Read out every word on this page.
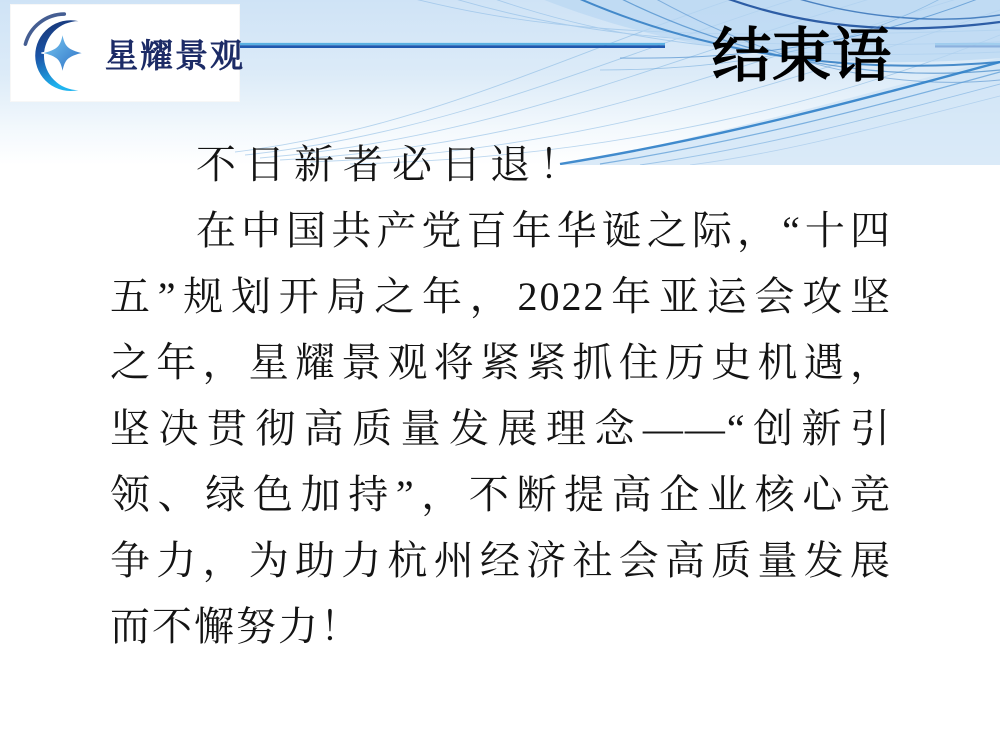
星耀景观	结束语
不日新者必日退！
在中国共产党百年华诞之际，“十四
五”规划开局之年，2022年亚运会攻坚
之年，星耀景观将紧紧抓住历史机遇，
坚决贯彻高质量发展理念——“创新引
领、绿色加持”，不断提高企业核心竞
争力，为助力杭州经济社会高质量发展
而不懈努力！
